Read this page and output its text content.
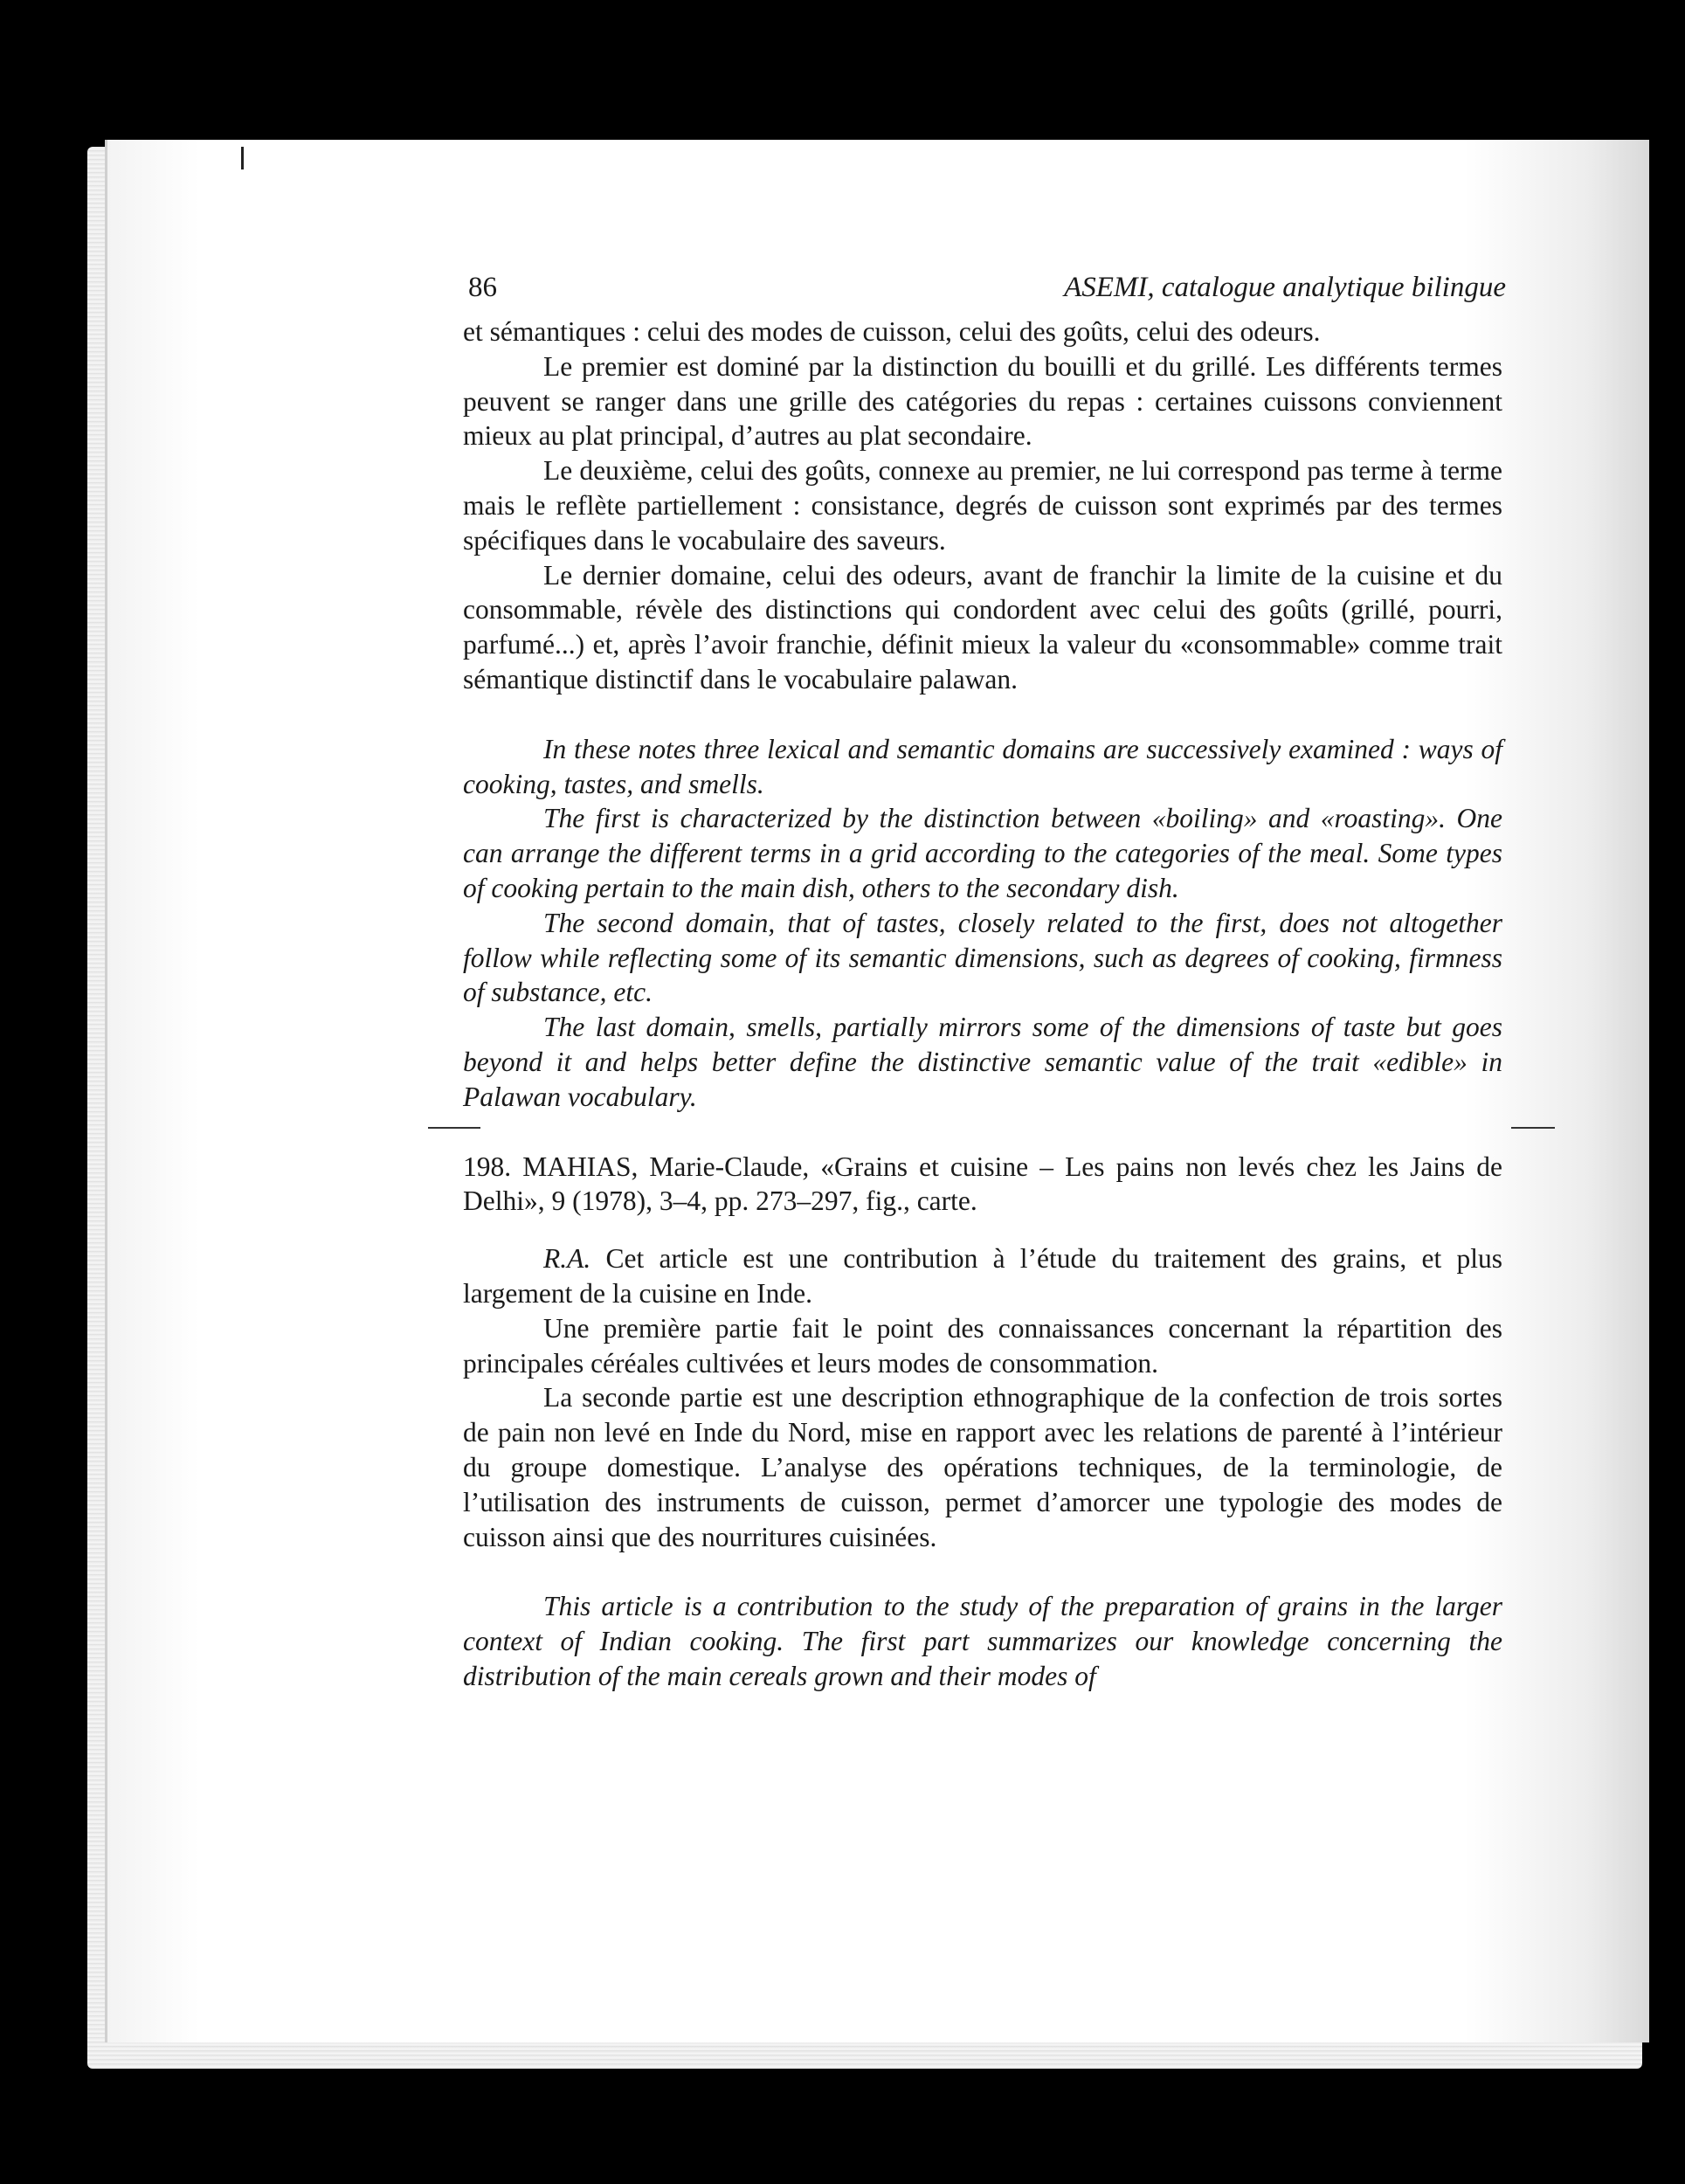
86	ASEMI, catalogue analytique bilingue

et sémantiques : celui des modes de cuisson, celui des goûts, celui des odeurs.

Le premier est dominé par la distinction du bouilli et du grillé. Les différents termes peuvent se ranger dans une grille des catégories du repas : certaines cuissons conviennent mieux au plat principal, d’autres au plat secondaire.

Le deuxième, celui des goûts, connexe au premier, ne lui correspond pas terme à terme mais le reflète partiellement : consistance, degrés de cuisson sont exprimés par des termes spécifiques dans le vocabulaire des saveurs.

Le dernier domaine, celui des odeurs, avant de franchir la limite de la cuisine et du consommable, révèle des distinctions qui condordent avec celui des goûts (grillé, pourri, parfumé...) et, après l’avoir franchie, définit mieux la valeur du «consommable» comme trait sémantique distinctif dans le vocabulaire palawan.

In these notes three lexical and semantic domains are successively examined : ways of cooking, tastes, and smells.

The first is characterized by the distinction between «boiling» and «roasting». One can arrange the different terms in a grid according to the categories of the meal. Some types of cooking pertain to the main dish, others to the secondary dish.

The second domain, that of tastes, closely related to the first, does not altogether follow while reflecting some of its semantic dimensions, such as degrees of cooking, firmness of substance, etc.

The last domain, smells, partially mirrors some of the dimensions of taste but goes beyond it and helps better define the distinctive semantic value of the trait «edible» in Palawan vocabulary.

198. MAHIAS, Marie-Claude, «Grains et cuisine – Les pains non levés chez les Jains de Delhi», 9 (1978), 3–4, pp. 273–297, fig., carte.

R.A. Cet article est une contribution à l’étude du traitement des grains, et plus largement de la cuisine en Inde.

Une première partie fait le point des connaissances concernant la répartition des principales céréales cultivées et leurs modes de consommation.

La seconde partie est une description ethnographique de la confection de trois sortes de pain non levé en Inde du Nord, mise en rapport avec les relations de parenté à l’intérieur du groupe domestique. L’analyse des opérations techniques, de la terminologie, de l’utilisation des instruments de cuisson, permet d’amorcer une typologie des modes de cuisson ainsi que des nourritures cuisinées.

This article is a contribution to the study of the preparation of grains in the larger context of Indian cooking. The first part summarizes our knowledge concerning the distribution of the main cereals grown and their modes of
